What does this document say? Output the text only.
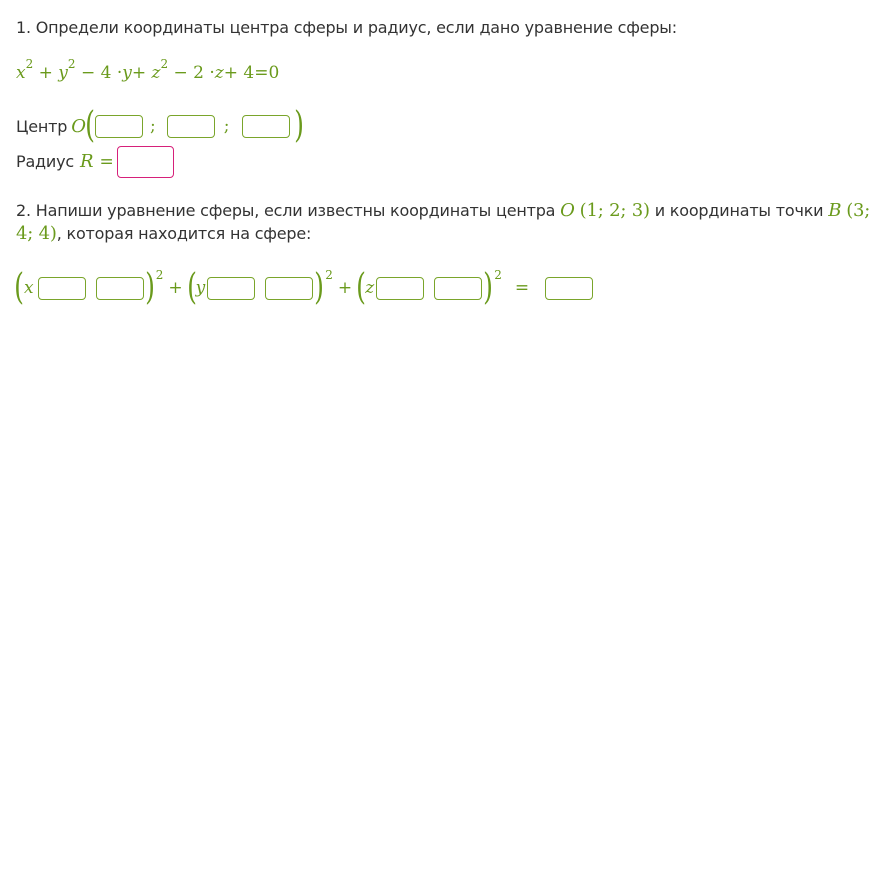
1. Определи координаты центра сферы и радиус, если дано уравнение сферы:
$x^2 + y^2 - 4 \cdot y+ z^2 - 2 \cdot z+ 4=0$
Центр O (	;	; )
Радиус R =
2. Напиши уравнение сферы, если известны координаты центра O (1; 2; 3) и координаты точки B (3; 4; 4), которая находится на сфере:
( x	) 2
+ ( y	) 2
+ ( z	) 2
=
